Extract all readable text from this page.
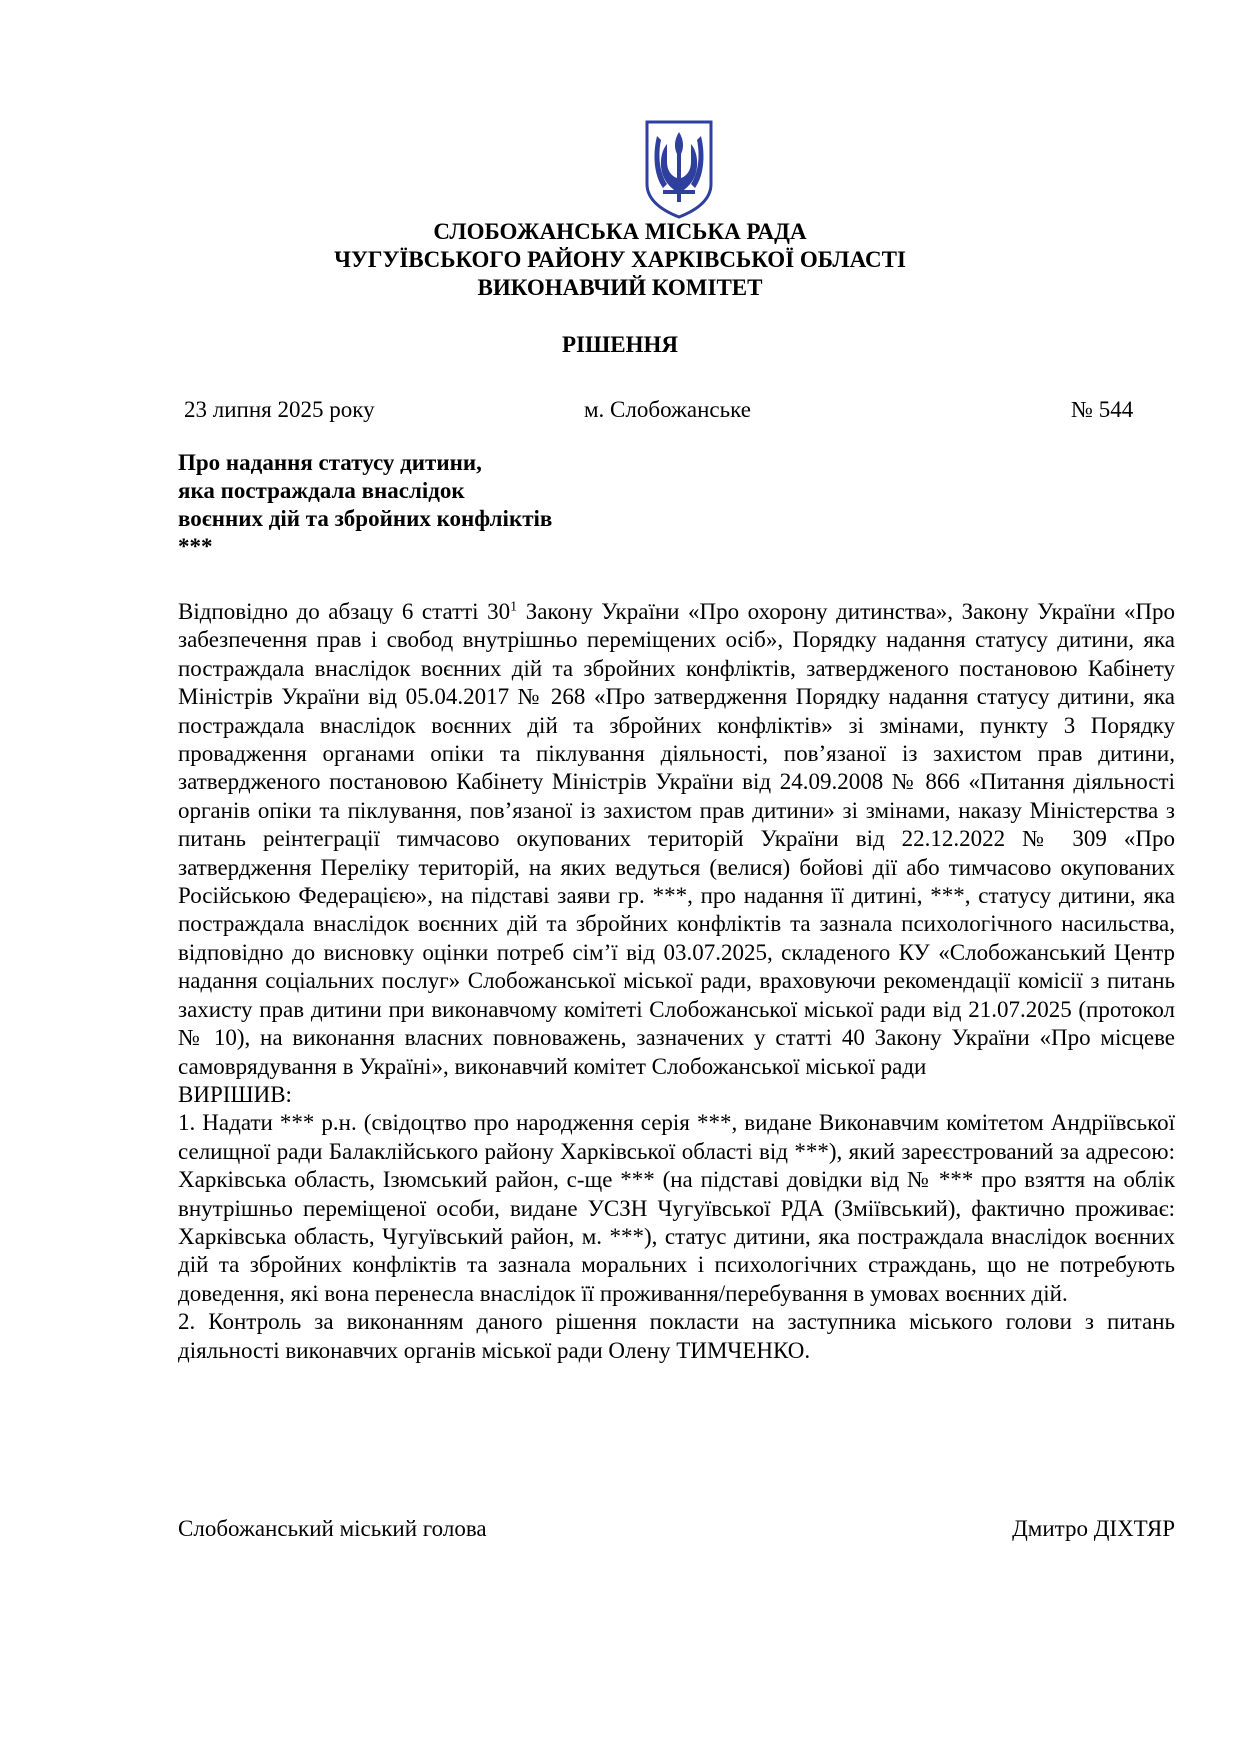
СЛОБОЖАНСЬКА МІСЬКА РАДА
ЧУГУЇВСЬКОГО РАЙОНУ ХАРКІВСЬКОЇ ОБЛАСТІ
ВИКОНАВЧИЙ КОМІТЕТ
РІШЕННЯ
23 липня 2025 року	м. Слобожанське	№ 544
Про надання статусу дитини,
яка постраждала внаслідок
воєнних дій та збройних конфліктів
***

Відповідно до абзацу 6 статті $30^1$ Закону України «Про охорону дитинства», Закону України «Про забезпечення прав і свобод внутрішньо переміщених осіб», Порядку надання статусу дитини, яка постраждала внаслідок воєнних дій та збройних конфліктів, затвердженого постановою Кабінету Міністрів України від 05.04.2017 № 268 «Про затвердження Порядку надання статусу дитини, яка постраждала внаслідок воєнних дій та збройних конфліктів» зі змінами, пункту 3 Порядку провадження органами опіки та піклування діяльності, пов’язаної із захистом прав дитини, затвердженого постановою Кабінету Міністрів України від 24.09.2008 № 866 «Питання діяльності органів опіки та піклування, пов’язаної із захистом прав дитини» зі змінами, наказу Міністерства з питань реінтеграції тимчасово окупованих територій України від 22.12.2022 № 309 «Про затвердження Переліку територій, на яких ведуться (велися) бойові дії або тимчасово окупованих Російською Федерацією», на підставі заяви гр. ***, про надання її дитині, ***, статусу дитини, яка постраждала внаслідок воєнних дій та збройних конфліктів та зазнала психологічного насильства, відповідно до висновку оцінки потреб сім’ї від 03.07.2025, складеного КУ «Слобожанський Центр надання соціальних послуг» Слобожанської міської ради, враховуючи рекомендації комісії з питань захисту прав дитини при виконавчому комітеті Слобожанської міської ради від 21.07.2025 (протокол № 10), на виконання власних повноважень, зазначених у статті 40 Закону України «Про місцеве самоврядування в Україні», виконавчий комітет Слобожанської міської ради

ВИРІШИВ:

1. Надати *** р.н. (свідоцтво про народження серія ***, видане Виконавчим комітетом Андріївської селищної ради Балаклійського району Харківської області від ***), який зареєстрований за адресою: Харківська область, Ізюмський район, с-ще *** (на підставі довідки від № *** про взяття на облік внутрішньо переміщеної особи, видане УСЗН Чугуївської РДА (Зміївський), фактично проживає: Харківська область, Чугуївський район, м. ***), статус дитини, яка постраждала внаслідок воєнних дій та збройних конфліктів та зазнала моральних і психологічних страждань, що не потребують доведення, які вона перенесла внаслідок її проживання/перебування в умовах воєнних дій.

2. Контроль за виконанням даного рішення покласти на заступника міського голови з питань діяльності виконавчих органів міської ради Олену ТИМЧЕНКО.

Слобожанський міський голова	Дмитро ДІХТЯР
